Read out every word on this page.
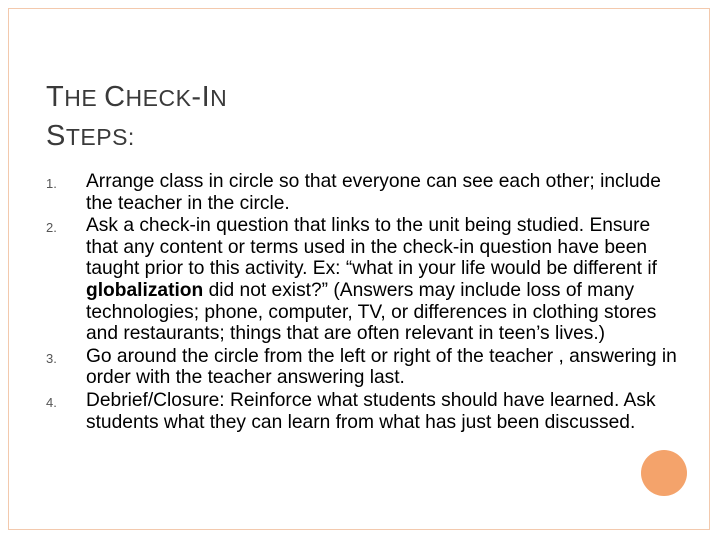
THE CHECK-IN
STEPS:
1. Arrange class in circle so that everyone can see each other; include the teacher in the circle.
2. Ask a check-in question that links to the unit being studied. Ensure that any content or terms used in the check-in question have been taught prior to this activity. Ex: “what in your life would be different if globalization did not exist?” (Answers may include loss of many technologies; phone, computer, TV, or differences in clothing stores and restaurants; things that are often relevant in teen’s lives.)
3. Go around the circle from the left or right of the teacher , answering in order with the teacher answering last.
4. Debrief/Closure: Reinforce what students should have learned. Ask students what they can learn from what has just been discussed.
